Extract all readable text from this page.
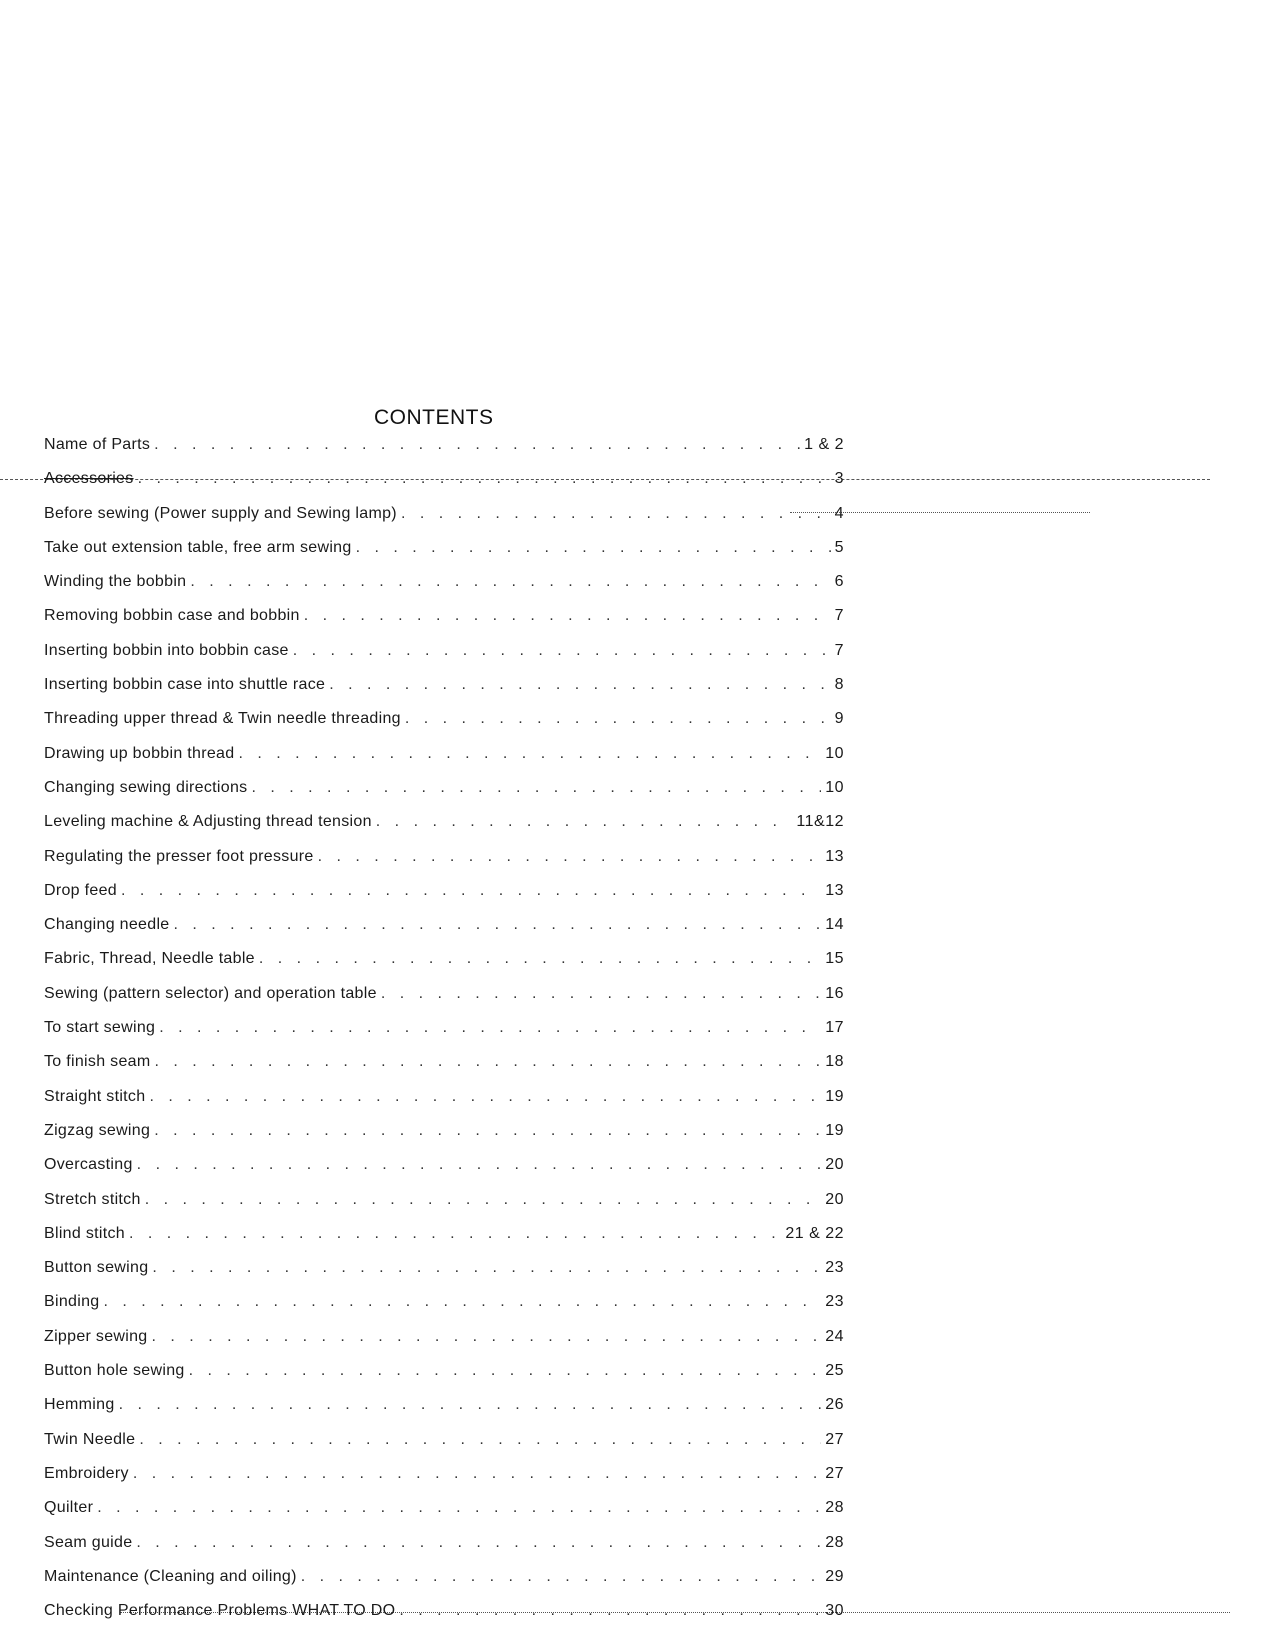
CONTENTS
Name of Parts . . .	1 & 2
Accessories . . .	3
Before sewing (Power supply and Sewing lamp) . . .	4
Take out extension table, free arm sewing . . .	5
Winding the bobbin . . .	6
Removing bobbin case and bobbin . . .	7
Inserting bobbin into bobbin case . . .	7
Inserting bobbin case into shuttle race . . .	8
Threading upper thread & Twin needle threading . . .	9
Drawing up bobbin thread . . .	10
Changing sewing directions . . .	10
Leveling machine & Adjusting thread tension . . .	11&12
Regulating the presser foot pressure . . .	13
Drop feed . . .	13
Changing needle . . .	14
Fabric, Thread, Needle table . . .	15
Sewing (pattern selector) and operation table . . .	16
To start sewing . . .	17
To finish seam . . .	18
Straight stitch . . .	19
Zigzag sewing . . .	19
Overcasting . . .	20
Stretch stitch . . .	20
Blind stitch . . .	21 & 22
Button sewing . . .	23
Binding . . .	23
Zipper sewing . . .	24
Button hole sewing . . .	25
Hemming . . .	26
Twin Needle . . .	27
Embroidery . . .	27
Quilter . . .	28
Seam guide . . .	28
Maintenance (Cleaning and oiling) . . .	29
Checking Performance Problems WHAT TO DO . . .	30
